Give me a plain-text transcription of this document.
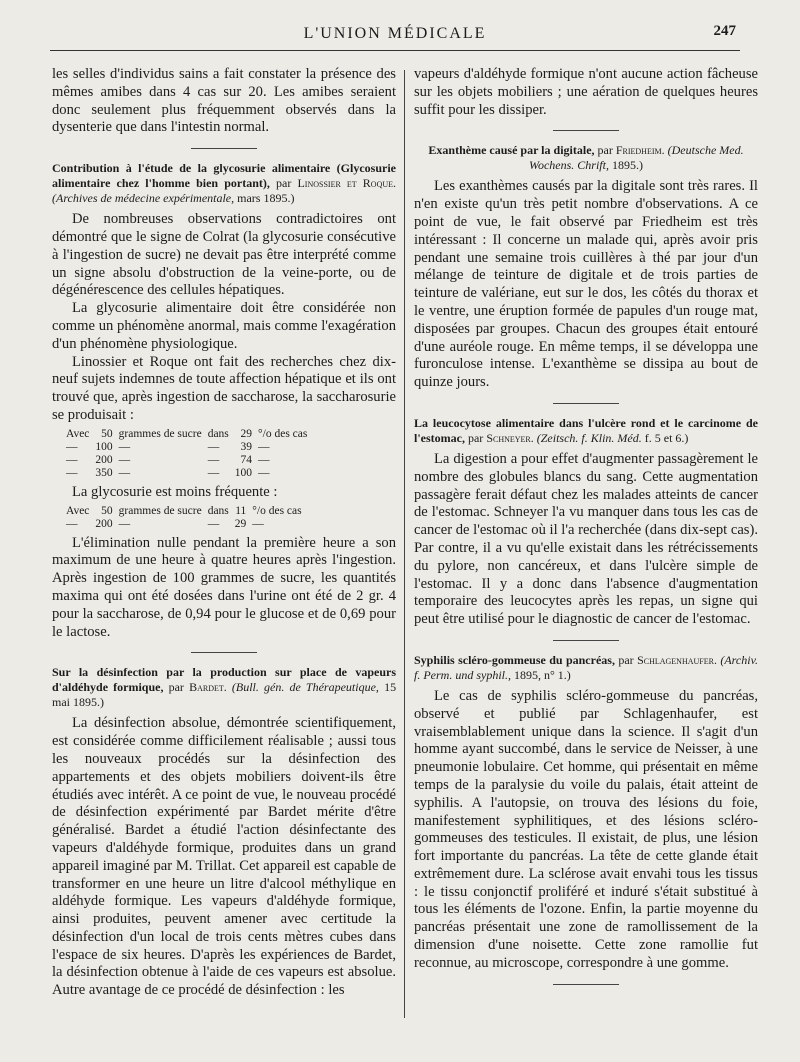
L'UNION MÉDICALE	247

les selles d'individus sains a fait constater la présence des mêmes amibes dans 4 cas sur 20. Les amibes seraient donc seulement plus fréquemment observés dans la dysenterie que dans l'intestin normal.

Contribution à l'étude de la glycosurie alimentaire (Glycosurie alimentaire chez l'homme bien portant), par Linossier et Roque. (Archives de médecine expérimentale, mars 1895.)

De nombreuses observations contradictoires ont démontré que le signe de Colrat (la glycosurie consécutive à l'ingestion de sucre) ne devait pas être interprété comme un signe absolu d'obstruction de la veine-porte, ou de dégénérescence des cellules hépatiques.

La glycosurie alimentaire doit être considérée non comme un phénomène anormal, mais comme l'exagération d'un phénomène physiologique.

Linossier et Roque ont fait des recherches chez dix-neuf sujets indemnes de toute affection hépatique et ils ont trouvé que, après ingestion de saccharose, la saccharosurie se produisait :

Avec	50	grammes de sucre	dans	29	°/o des cas
—	100	—	—	39	—
—	200	—	—	74	—
—	350	—	—	100	—

La glycosurie est moins fréquente :

Avec	50	grammes de sucre	dans	11	°/o des cas
—	200	—	—	29	—

L'élimination nulle pendant la première heure a son maximum de une heure à quatre heures après l'ingestion. Après ingestion de 100 grammes de sucre, les quantités maxima qui ont été dosées dans l'urine ont été de 2 gr. 4 pour la saccharose, de 0,94 pour le glucose et de 0,69 pour le lactose.

Sur la désinfection par la production sur place de vapeurs d'aldéhyde formique, par Bardet. (Bull. gén. de Thérapeutique, 15 mai 1895.)

La désinfection absolue, démontrée scientifiquement, est considérée comme difficilement réalisable ; aussi tous les nouveaux procédés sur la désinfection des appartements et des objets mobiliers doivent-ils être étudiés avec intérêt. A ce point de vue, le nouveau procédé de désinfection expérimenté par Bardet mérite d'être généralisé. Bardet a étudié l'action désinfectante des vapeurs d'aldéhyde formique, produites dans un grand appareil imaginé par M. Trillat. Cet appareil est capable de transformer en une heure un litre d'alcool méthylique en aldéhyde formique. Les vapeurs d'aldéhyde formique, ainsi produites, peuvent amener avec certitude la désinfection d'un local de trois cents mètres cubes dans l'espace de six heures. D'après les expériences de Bardet, la désinfection obtenue à l'aide de ces vapeurs est absolue. Autre avantage de ce procédé de désinfection : les

vapeurs d'aldéhyde formique n'ont aucune action fâcheuse sur les objets mobiliers ; une aération de quelques heures suffit pour les dissiper.

Exanthème causé par la digitale, par Friedheim. (Deutsche Med. Wochens. Chrift, 1895.)

Les exanthèmes causés par la digitale sont très rares. Il n'en existe qu'un très petit nombre d'observations. A ce point de vue, le fait observé par Friedheim est très intéressant : Il concerne un malade qui, après avoir pris pendant une semaine trois cuillères à thé par jour d'un mélange de teinture de digitale et de trois parties de teinture de valériane, eut sur le dos, les côtés du thorax et le ventre, une éruption formée de papules d'un rouge mat, disposées par groupes. Chacun des groupes était entouré d'une auréole rouge. En même temps, il se développa une furonculose intense. L'exanthème se dissipa au bout de quinze jours.

La leucocytose alimentaire dans l'ulcère rond et le carcinome de l'estomac, par Schneyer. (Zeitsch. f. Klin. Méd. f. 5 et 6.)

La digestion a pour effet d'augmenter passagèrement le nombre des globules blancs du sang. Cette augmentation passagère ferait défaut chez les malades atteints de cancer de l'estomac. Schneyer l'a vu manquer dans tous les cas de cancer de l'estomac où il l'a recherchée (dans dix-sept cas). Par contre, il a vu qu'elle existait dans les rétrécissements du pylore, non cancéreux, et dans l'ulcère simple de l'estomac. Il y a donc dans l'absence d'augmentation temporaire des leucocytes après les repas, un signe qui peut être utilisé pour le diagnostic de cancer de l'estomac.

Syphilis scléro-gommeuse du pancréas, par Schlagenhaufer. (Archiv. f. Perm. und syphil., 1895, n° 1.)

Le cas de syphilis scléro-gommeuse du pancréas, observé et publié par Schlagenhaufer, est vraisemblablement unique dans la science. Il s'agit d'un homme ayant succombé, dans le service de Neisser, à une pneumonie lobulaire. Cet homme, qui présentait en même temps de la paralysie du voile du palais, était atteint de syphilis. A l'autopsie, on trouva des lésions du foie, manifestement syphilitiques, et des lésions scléro-gommeuses des testicules. Il existait, de plus, une lésion fort importante du pancréas. La tête de cette glande était extrêmement dure. La sclérose avait envahi tous les tissus : le tissu conjonctif proliféré et induré s'était substitué à tous les éléments de l'ozone. Enfin, la partie moyenne du pancréas présentait une zone de ramollissement de la dimension d'une noisette. Cette zone ramollie fut reconnue, au microscope, correspondre à une gomme.
